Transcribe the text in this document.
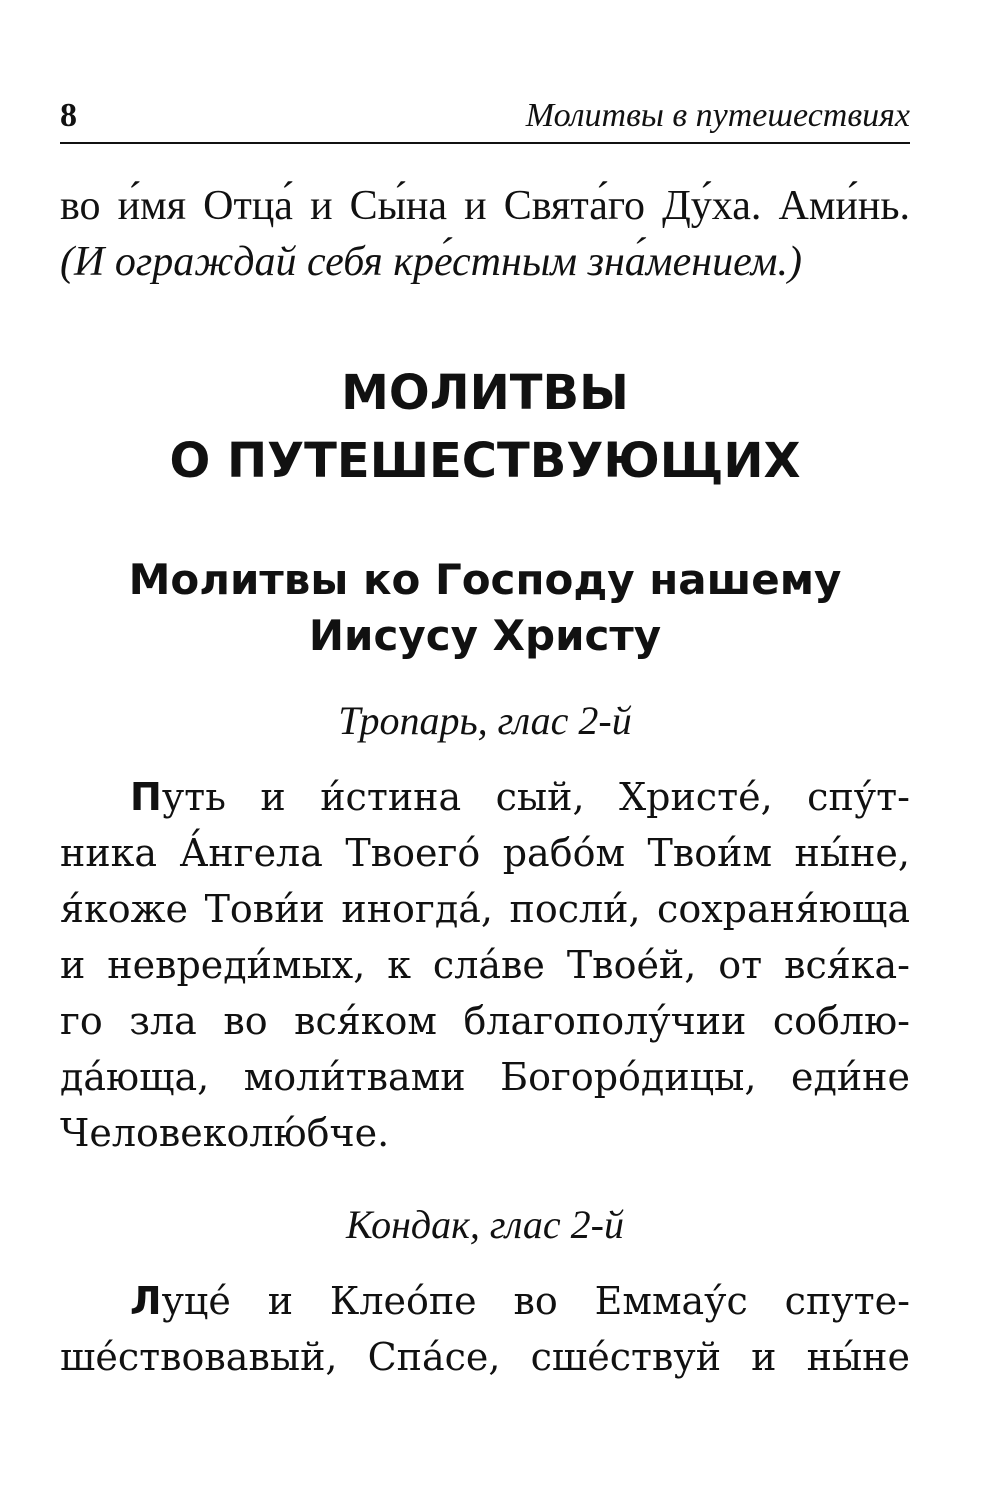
8	Молитвы в путешествиях
во и́мя Отца́ и Сы́на и Свята́го Ду́ха. Ами́нь.
(И ограждай себя кре́стным зна́мением.)
МОЛИТВЫ
О ПУТЕШЕСТВУЮЩИХ
Молитвы ко Господу нашему
Иисусу Христу
Тропарь, глас 2-й
Путь и и́стина сый, Христе́, спу́т-
ника А́нгела Твоего́ рабо́м Твои́м ны́не,
я́коже Тови́и иногда́, посли́, сохраня́юща
и невреди́мых, к сла́ве Твое́й, от вся́ка-
го зла во вся́ком благополу́чии соблю-
да́юща, моли́твами Богоро́дицы, еди́не
Человеколю́бче.
Кондак, глас 2-й
Луце́ и Клео́пе во Еммау́с спуте-
ше́ствовавый, Спа́се, сше́ствуй и ны́не
